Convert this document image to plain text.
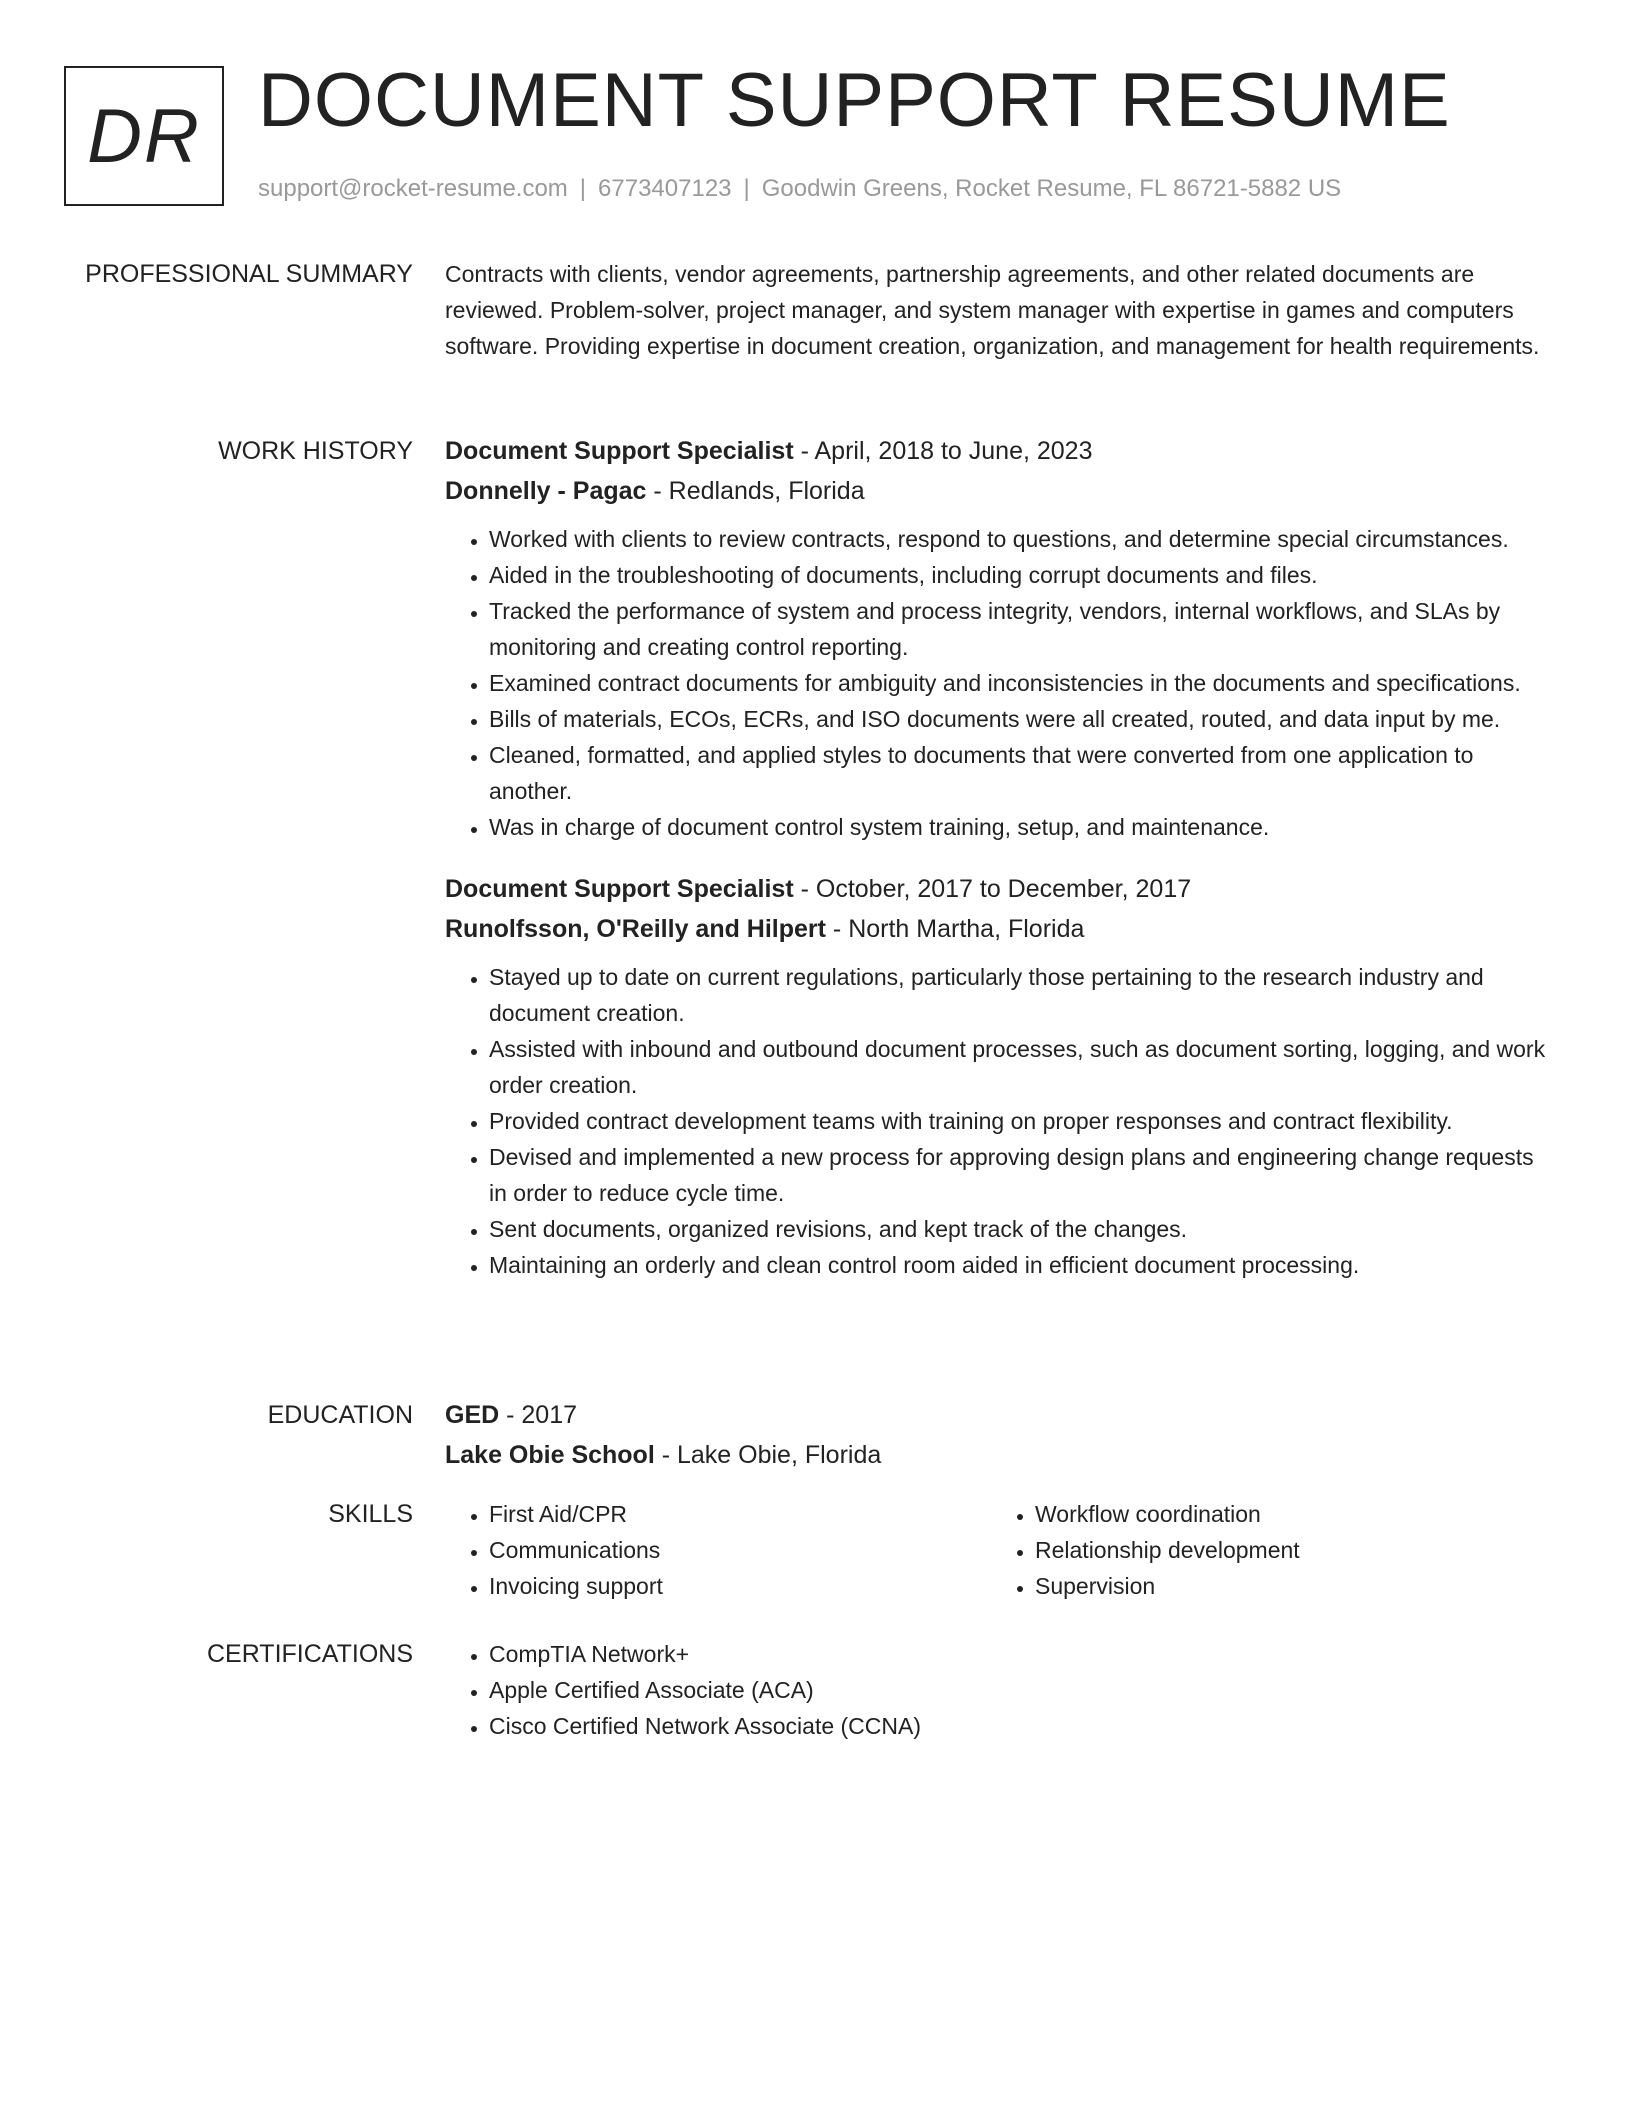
DR DOCUMENT SUPPORT RESUME
support@rocket-resume.com | 6773407123 | Goodwin Greens, Rocket Resume, FL 86721-5882 US
PROFESSIONAL SUMMARY Contracts with clients, vendor agreements, partnership agreements, and other related documents are reviewed. Problem-solver, project manager, and system manager with expertise in games and computers software. Providing expertise in document creation, organization, and management for health requirements.

WORK HISTORY Document Support Specialist - April, 2018 to June, 2023

Donnelly - Pagac - Redlands, Florida

• Worked with clients to review contracts, respond to questions, and determine special circumstances.
• Aided in the troubleshooting of documents, including corrupt documents and files.
• Tracked the performance of system and process integrity, vendors, internal workflows, and SLAs by monitoring and creating control reporting.
• Examined contract documents for ambiguity and inconsistencies in the documents and specifications.
• Bills of materials, ECOs, ECRs, and ISO documents were all created, routed, and data input by me.
• Cleaned, formatted, and applied styles to documents that were converted from one application to another.
• Was in charge of document control system training, setup, and maintenance.

Document Support Specialist - October, 2017 to December, 2017

Runolfsson, O'Reilly and Hilpert - North Martha, Florida

• Stayed up to date on current regulations, particularly those pertaining to the research industry and document creation.
• Assisted with inbound and outbound document processes, such as document sorting, logging, and work order creation.
• Provided contract development teams with training on proper responses and contract flexibility.
• Devised and implemented a new process for approving design plans and engineering change requests in order to reduce cycle time.
• Sent documents, organized revisions, and kept track of the changes.
• Maintaining an orderly and clean control room aided in efficient document processing.
EDUCATION GED - 2017

Lake Obie School - Lake Obie, Florida

SKILLS	• First Aid/CPR
• Communications
• Invoicing support
• Workflow coordination
• Relationship development
• Supervision
CERTIFICATIONS	• CompTIA Network+
• Apple Certified Associate (ACA)
• Cisco Certified Network Associate (CCNA)
